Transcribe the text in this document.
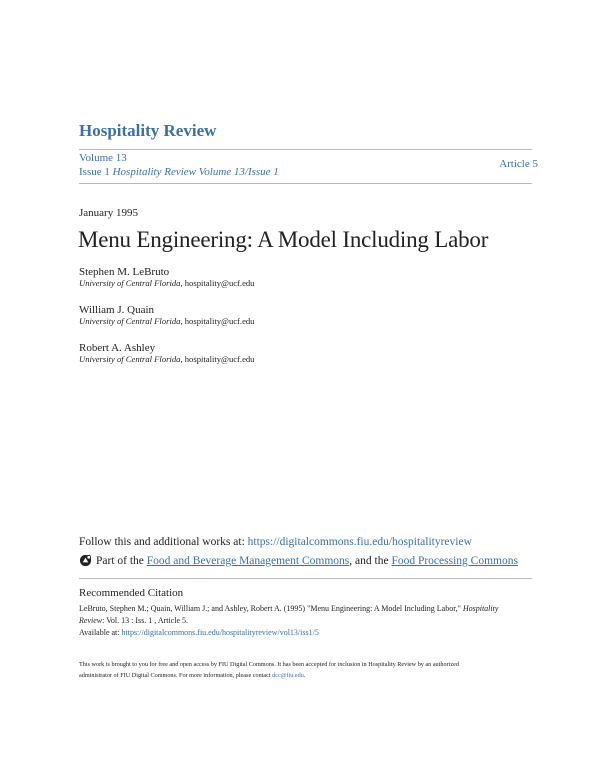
Hospitality Review
Volume 13
Issue 1 Hospitality Review Volume 13/Issue 1
Article 5
January 1995
Menu Engineering: A Model Including Labor
Stephen M. LeBruto
University of Central Florida, hospitality@ucf.edu
William J. Quain
University of Central Florida, hospitality@ucf.edu
Robert A. Ashley
University of Central Florida, hospitality@ucf.edu
Follow this and additional works at: https://digitalcommons.fiu.edu/hospitalityreview
Part of the
Food and Beverage Management Commons , and the
Food Processing Commons
Recommended Citation
LeBruto, Stephen M.; Quain, William J.; and Ashley, Robert A. (1995) "Menu Engineering: A Model Including Labor," Hospitality Review: Vol. 13 : Iss. 1 , Article 5.
Available at: https://digitalcommons.fiu.edu/hospitalityreview/vol13/iss1/5
This work is brought to you for free and open access by FIU Digital Commons. It has been accepted for inclusion in Hospitality Review by an authorized administrator of FIU Digital Commons. For more information, please contact dcc@fiu.edu.
